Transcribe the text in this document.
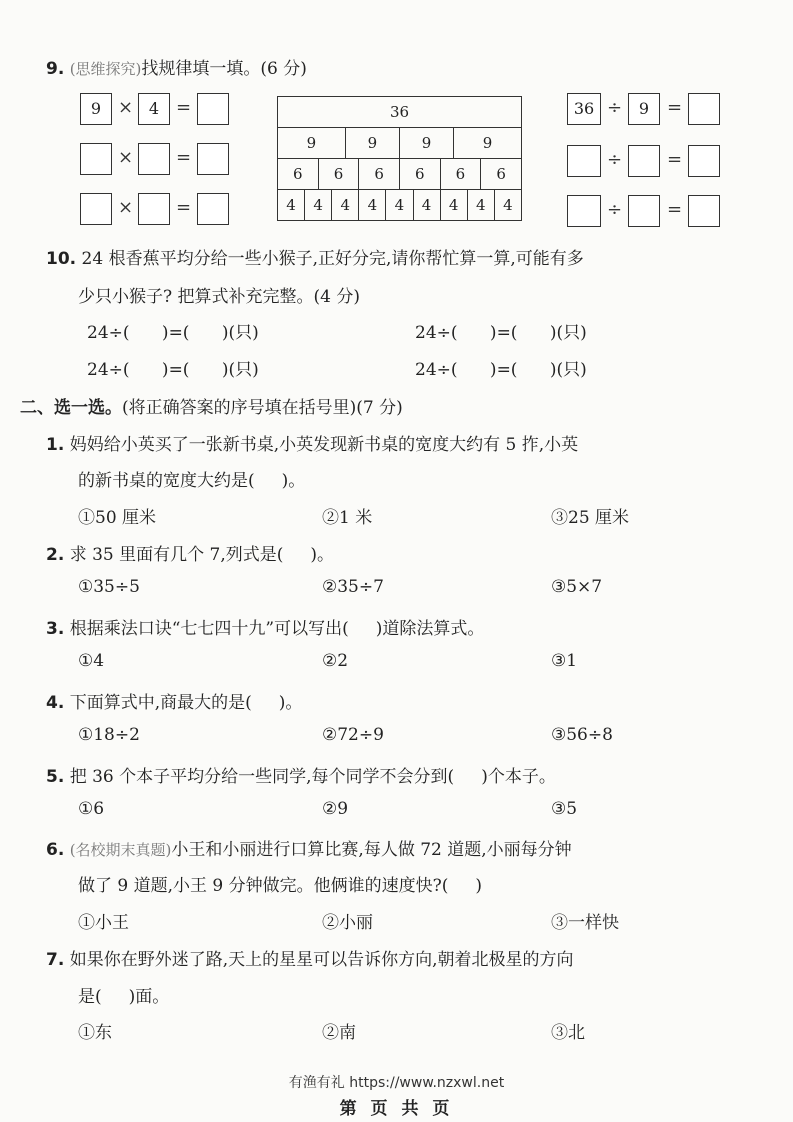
9. (思维探究)找规律填一填。(6 分)
9 × 4 =
× =
× =
36													
9				9			9			9			
6		6			6		6		6			6	
4	4		4		4	4		4	4		4		4
36 ÷	9 =
÷ =
÷ =
10. 24 根香蕉平均分给一些小猴子,正好分完,请你帮忙算一算,可能有多
少只小猴子? 把算式补充完整。(4 分)
24÷(      )=(      )(只)	24÷(      )=(      )(只)
24÷(      )=(      )(只)	24÷(      )=(      )(只)
二、选一选。(将正确答案的序号填在括号里)(7 分)
1. 妈妈给小英买了一张新书桌,小英发现新书桌的宽度大约有 5 拃,小英
的新书桌的宽度大约是(     )。
①50 厘米	②1 米	③25 厘米
2. 求 35 里面有几个 7,列式是(     )。
①35÷5	②35÷7	③5×7
3. 根据乘法口诀“七七四十九”可以写出(     )道除法算式。
①4	②2	③1
4. 下面算式中,商最大的是(     )。
①18÷2	②72÷9	③56÷8
5. 把 36 个本子平均分给一些同学,每个同学不会分到(     )个本子。
①6	②9	③5
6. (名校期末真题)小王和小丽进行口算比赛,每人做 72 道题,小丽每分钟
做了 9 道题,小王 9 分钟做完。他俩谁的速度快?(     )
①小王	②小丽	③一样快
7. 如果你在野外迷了路,天上的星星可以告诉你方向,朝着北极星的方向
是(     )面。
①东	②南	③北
有渔有礼 https://www.nzxwl.net
第 页 共 页
